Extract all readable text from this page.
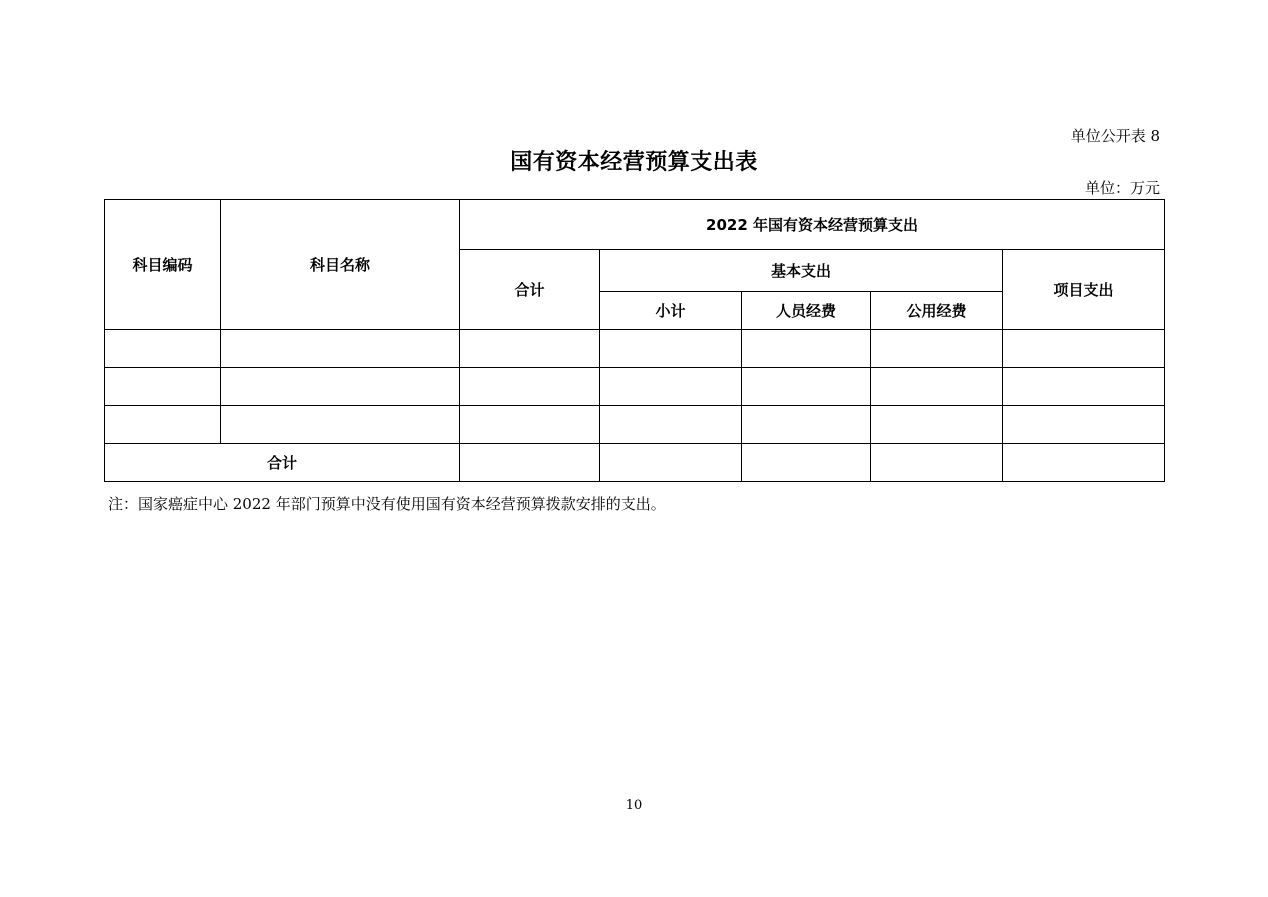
单位公开表 8
国有资本经营预算支出表
单位：万元
科目编码	科目名称	2022 年国有资本经营预算支出				
		合计	基本支出			项目支出
			小计	人员经费	公用经费	

合计						
注：国家癌症中心 2022 年部门预算中没有使用国有资本经营预算拨款安排的支出。
10
